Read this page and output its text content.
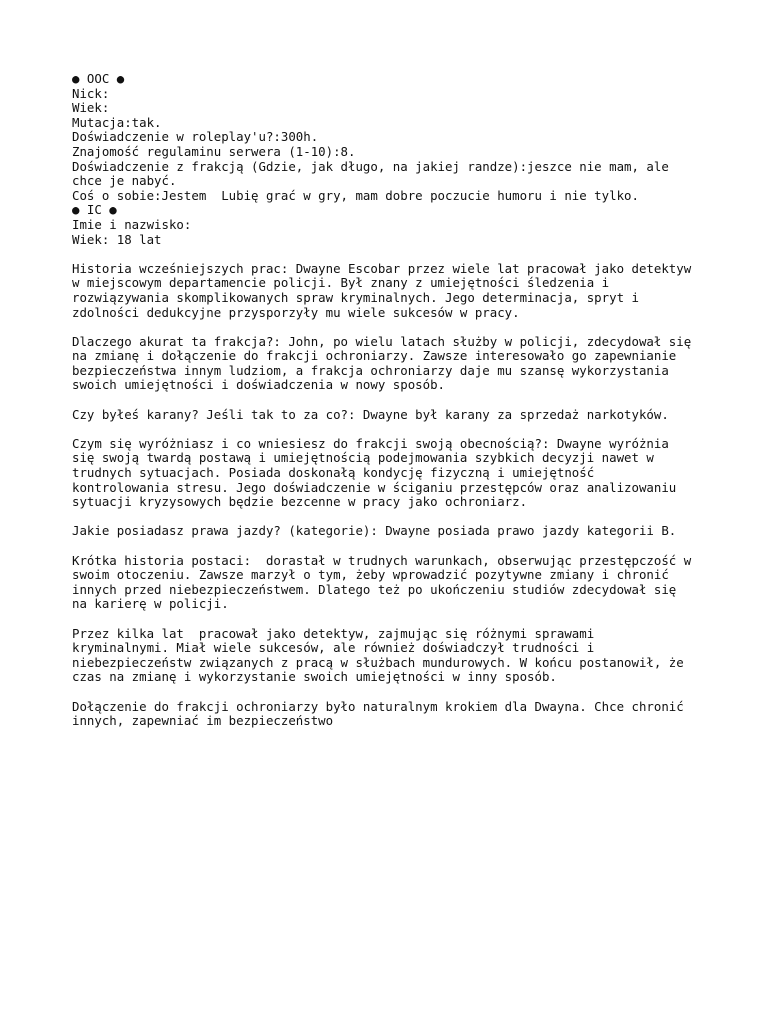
● OOC ●
Nick:
Wiek:
Mutacja:tak.
Doświadczenie w roleplay'u?:300h.
Znajomość regulaminu serwera (1-10):8.
Doświadczenie z frakcją (Gdzie, jak długo, na jakiej randze):jeszce nie mam, ale
chce je nabyć.
Coś o sobie:Jestem  Lubię grać w gry, mam dobre poczucie humoru i nie tylko.
● IC ●
Imie i nazwisko:
Wiek: 18 lat
Historia wcześniejszych prac: Dwayne Escobar przez wiele lat pracował jako detektyw
w miejscowym departamencie policji. Był znany z umiejętności śledzenia i
rozwiązywania skomplikowanych spraw kryminalnych. Jego determinacja, spryt i
zdolności dedukcyjne przysporzyły mu wiele sukcesów w pracy.
Dlaczego akurat ta frakcja?: John, po wielu latach służby w policji, zdecydował się
na zmianę i dołączenie do frakcji ochroniarzy. Zawsze interesowało go zapewnianie
bezpieczeństwa innym ludziom, a frakcja ochroniarzy daje mu szansę wykorzystania
swoich umiejętności i doświadczenia w nowy sposób.
Czy byłeś karany? Jeśli tak to za co?: Dwayne był karany za sprzedaż narkotyków.
Czym się wyróżniasz i co wniesiesz do frakcji swoją obecnością?: Dwayne wyróżnia
się swoją twardą postawą i umiejętnością podejmowania szybkich decyzji nawet w
trudnych sytuacjach. Posiada doskonałą kondycję fizyczną i umiejętność
kontrolowania stresu. Jego doświadczenie w ściganiu przestępców oraz analizowaniu
sytuacji kryzysowych będzie bezcenne w pracy jako ochroniarz.
Jakie posiadasz prawa jazdy? (kategorie): Dwayne posiada prawo jazdy kategorii B.
Krótka historia postaci:  dorastał w trudnych warunkach, obserwując przestępczość w
swoim otoczeniu. Zawsze marzył o tym, żeby wprowadzić pozytywne zmiany i chronić
innych przed niebezpieczeństwem. Dlatego też po ukończeniu studiów zdecydował się
na karierę w policji.
Przez kilka lat  pracował jako detektyw, zajmując się różnymi sprawami
kryminalnymi. Miał wiele sukcesów, ale również doświadczył trudności i
niebezpieczeństw związanych z pracą w służbach mundurowych. W końcu postanowił, że
czas na zmianę i wykorzystanie swoich umiejętności w inny sposób.
Dołączenie do frakcji ochroniarzy było naturalnym krokiem dla Dwayna. Chce chronić
innych, zapewniać im bezpieczeństwo
